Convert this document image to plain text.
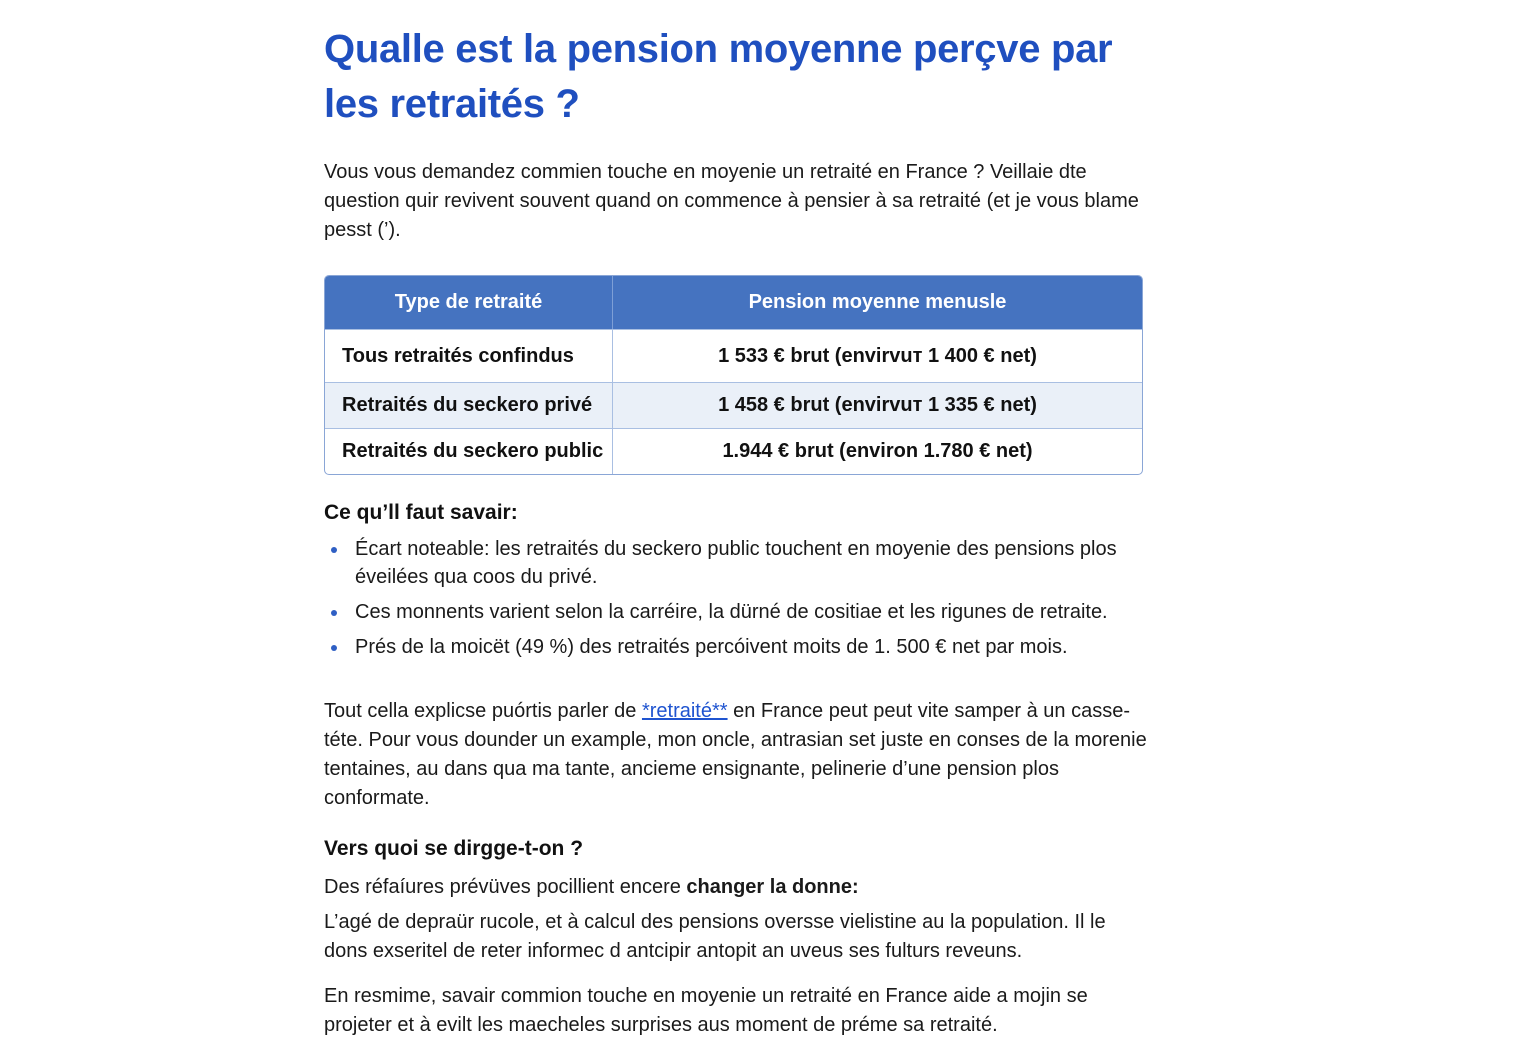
Qualle est la pension moyenne perçve par les retraités ?

Vous vous demandez commien touche en moyenie un retraité en France ? Veillaie dte question quir revivent souvent quand on commence à pensier à sa retraité (et je vous blame pesst (’).

Type de retraité	Pension moyenne menusle
Tous retraités confindus	1 533 € brut (envirvuт 1 400 € net)
Retraités du seckero privé	1 458 € brut (envirvuт 1 335 € net)
Retraités du seckero public	1.944 € brut (environ 1.780 € net)
Ce qu’ll faut savair:
Écart noteable: les retraités du seckero public touchent en moyenie des pensions plos éveilées qua coos du privé.
Ces monnents varient selon la carréire, la dürné de cositiae et les rigunes de retraite.
Prés de la moicët (49 %) des retraités percóivent moits de 1. 500 € net par mois.

Tout cella explicse puórtis parler de *retraité** en France peut peut vite samper à un casse-téte. Pour vous dounder un example, mon oncle, antrasian set juste en conses de la morenie tentaines, au dans qua ma tante, ancieme ensignante, pelinerie d’une pension plos conformate.

Vers quoi se dirgge-t-on ?

Des réfaíures prévüves pocillient encere changer la donne:

L’agé de depraür rucole, et à calcul des pensions oversse vielistine au la population. Il le dons exseritel de reter informec d antcipir antopit an uveus ses fulturs reveuns.

En resmime, savair commion touche en moyenie un retraité en France aide a mojin se projeter et à evilt les maecheles surprises aus moment de préme sa retraité.
